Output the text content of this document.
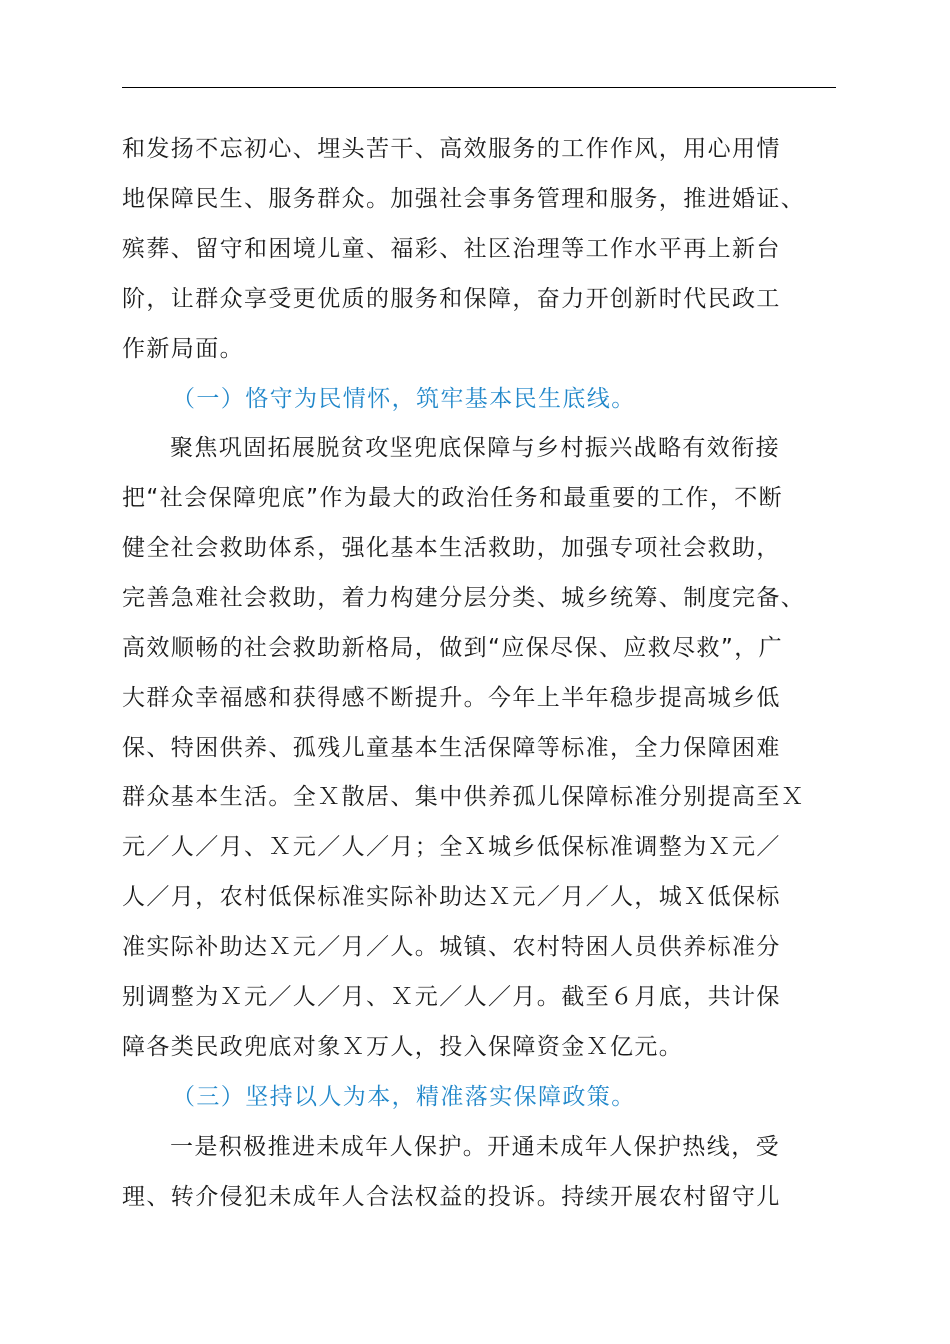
和发扬不忘初心、埋头苦干、高效服务的工作作风，用心用情
地保障民生、服务群众。加强社会事务管理和服务，推进婚证、
殡葬、留守和困境儿童、福彩、社区治理等工作水平再上新台
阶，让群众享受更优质的服务和保障，奋力开创新时代民政工
作新局面。
（一）恪守为民情怀，筑牢基本民生底线。
聚焦巩固拓展脱贫攻坚兜底保障与乡村振兴战略有效衔接
把“社会保障兜底”作为最大的政治任务和最重要的工作，不断
健全社会救助体系，强化基本生活救助，加强专项社会救助，
完善急难社会救助，着力构建分层分类、城乡统筹、制度完备、
高效顺畅的社会救助新格局，做到“应保尽保、应救尽救”，广
大群众幸福感和获得感不断提升。今年上半年稳步提高城乡低
保、特困供养、孤残儿童基本生活保障等标准，全力保障困难
群众基本生活。全Ｘ散居、集中供养孤儿保障标准分别提高至Ｘ
元／人／月、Ｘ元／人／月；全Ｘ城乡低保标准调整为Ｘ元／
人／月，农村低保标准实际补助达Ｘ元／月／人，城Ｘ低保标
准实际补助达Ｘ元／月／人。城镇、农村特困人员供养标准分
别调整为Ｘ元／人／月、Ｘ元／人／月。截至６月底，共计保
障各类民政兜底对象Ｘ万人，投入保障资金Ｘ亿元。
（三）坚持以人为本，精准落实保障政策。
一是积极推进未成年人保护。开通未成年人保护热线，受
理、转介侵犯未成年人合法权益的投诉。持续开展农村留守儿
